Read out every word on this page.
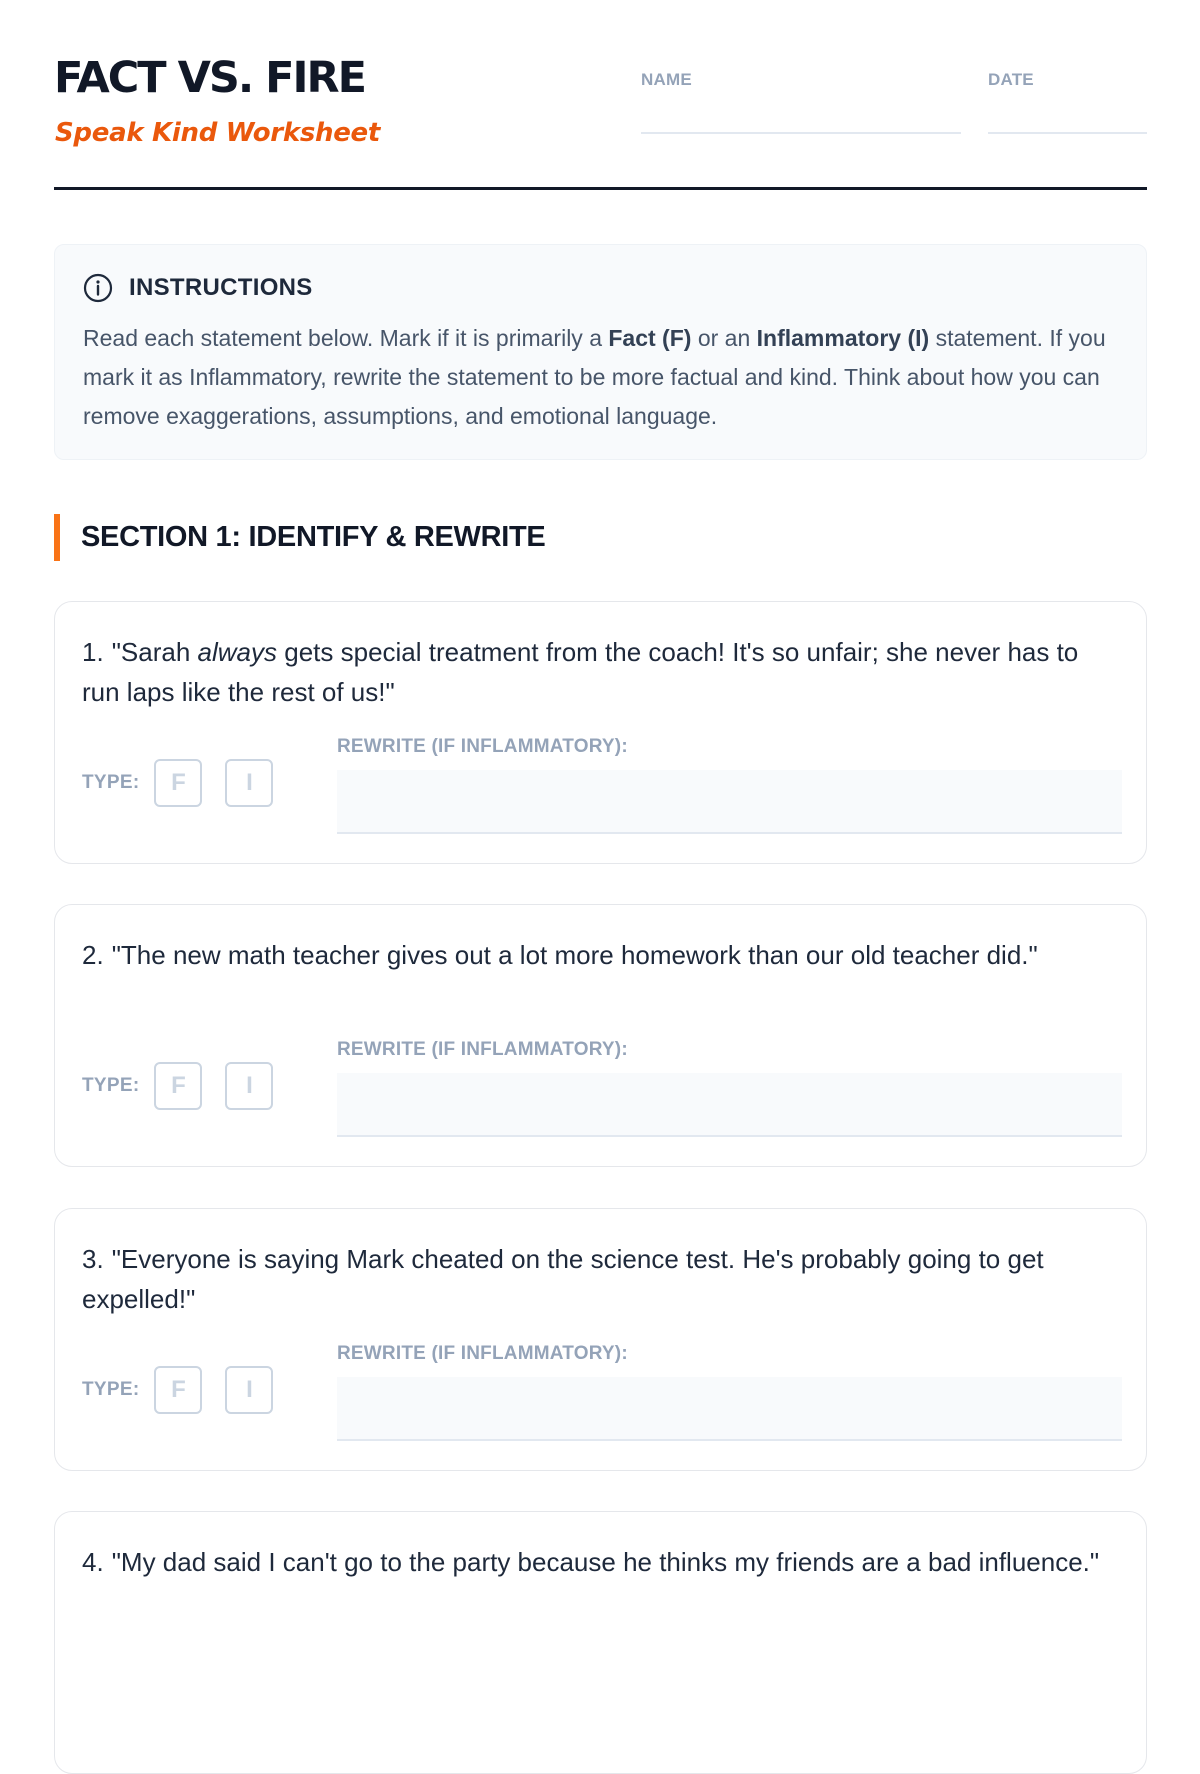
FACT VS. FIRE
Speak Kind Worksheet
NAME	DATE
INSTRUCTIONS

Read each statement below. Mark if it is primarily a Fact (F) or an Inflammatory (I) statement. If you mark it as Inflammatory, rewrite the statement to be more factual and kind. Think about how you can remove exaggerations, assumptions, and emotional language.

SECTION 1: IDENTIFY & REWRITE

1. "Sarah always gets special treatment from the coach! It's so unfair; she never has to run laps like the rest of us!"

TYPE:	F	I
REWRITE (IF INFLAMMATORY):

2. "The new math teacher gives out a lot more homework than our old teacher did."

TYPE:	F	I
REWRITE (IF INFLAMMATORY):

3. "Everyone is saying Mark cheated on the science test. He's probably going to get expelled!"

TYPE:	F	I
REWRITE (IF INFLAMMATORY):

4. "My dad said I can't go to the party because he thinks my friends are a bad influence."
